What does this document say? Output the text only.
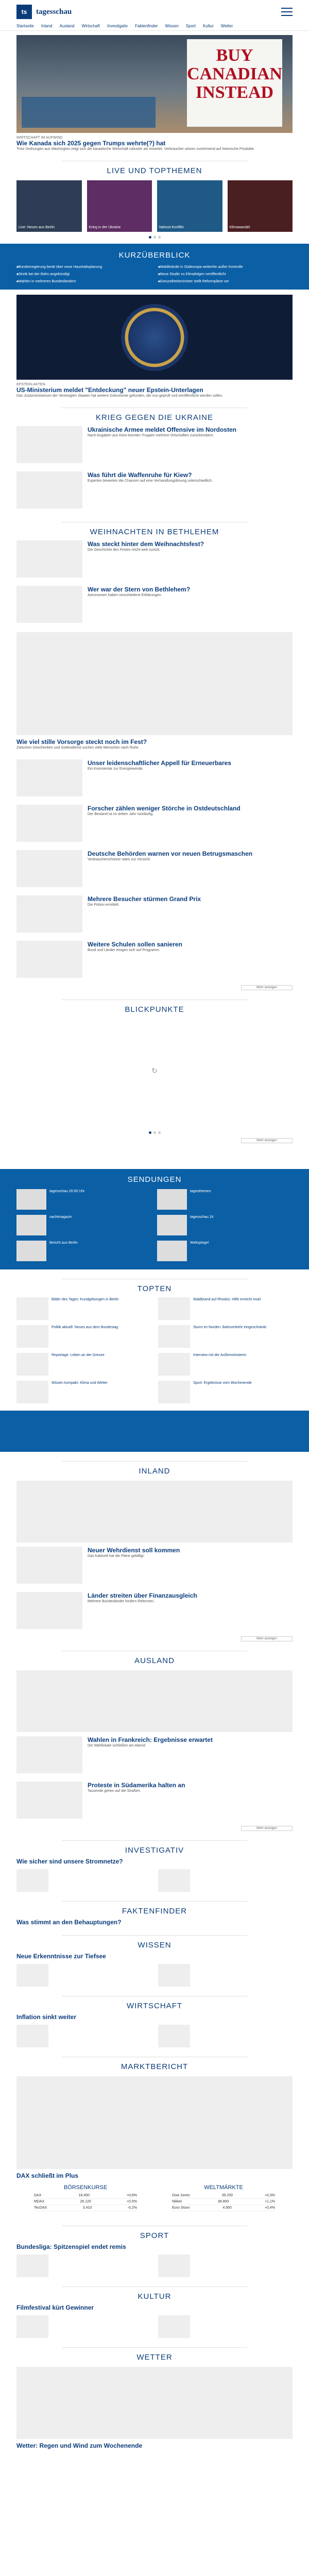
ts	tagesschau
Startseite Inland Ausland Wirtschaft Investigativ Faktenfinder Wissen Sport Kultur Wetter
BUY CANADIAN INSTEAD
WIRTSCHAFT IM AUFWIND
Wie Kanada sich 2025 gegen Trumps wehrte(?) hat
Trotz Drohungen aus Washington zeigt sich die kanadische Wirtschaft robuster als erwartet. Verbraucher setzen zunehmend auf heimische Produkte.
LIVE UND TOPTHEMEN
Live: Neues aus Berlin	Krieg in der Ukraine	Nahost-Konflikt	Klimawandel
KURZÜBERBLICK
■ Bundesregierung berät über neue Haushaltsplanung	■ Waldbrände in Südeuropa weiterhin außer Kontrolle
■ Streik bei der Bahn angekündigt	■ Neue Studie zu Klimafolgen veröffentlicht
■ Wahlen in mehreren Bundesländern	■ Gesundheitsminister stellt Reformpläne vor
EPSTEIN-AKTEN
US-Ministerium meldet "Entdeckung" neuer Epstein-Unterlagen
Das Justizministerium der Vereinigten Staaten hat weitere Dokumente gefunden, die nun geprüft und veröffentlicht werden sollen.
KRIEG GEGEN DIE UKRAINE
Ukrainische Armee meldet Offensive im Nordosten
Nach Angaben aus Kiew konnten Truppen mehrere Ortschaften zurückerobern.
Was führt die Waffenruhe für Kiew?
Experten bewerten die Chancen auf eine Verhandlungslösung unterschiedlich.
WEIHNACHTEN IN BETHLEHEM
Was steckt hinter dem Weihnachtsfest?
Die Geschichte des Festes reicht weit zurück.
Wer war der Stern von Bethlehem?
Astronomen haben verschiedene Erklärungen.
Wie viel stille Vorsorge steckt noch im Fest?
Zwischen Geschenken und Gottesdienst suchen viele Menschen nach Ruhe.
Unser leidenschaftlicher Appell für Erneuerbares
Ein Kommentar zur Energiewende.
Forscher zählen weniger Störche in Ostdeutschland
Der Bestand ist im dritten Jahr rückläufig.
Deutsche Behörden warnen vor neuen Betrugsmaschen
Verbraucherschützer raten zur Vorsicht.
Mehrere Besucher stürmen Grand Prix
Die Polizei ermittelt.
Weitere Schulen sollen sanieren
Bund und Länder einigen sich auf Programm.
Mehr anzeigen
BLICKPUNKTE
↻
Mehr anzeigen
SENDUNGEN
tagesschau 20:00 Uhr	tagesthemen
nachtmagazin	tagesschau 24
Bericht aus Berlin	Weltspiegel
TOPTEN
Bilder des Tages: Kundgebungen in Berlin	Waldbrand auf Rhodos: Hilfe erreicht Insel
Politik aktuell: Neues aus dem Bundestag	Sturm im Norden: Bahnverkehr eingeschränkt
Reportage: Leben an der Grenze	Interview mit der Außenministerin
Wissen kompakt: Klima und Wetter	Sport: Ergebnisse vom Wochenende
INLAND
Neuer Wehrdienst soll kommen
Das Kabinett hat die Pläne gebilligt.
Länder streiten über Finanzausgleich
Mehrere Bundesländer fordern Reformen.
Mehr anzeigen
AUSLAND
Wahlen in Frankreich: Ergebnisse erwartet
Die Wahllokale schließen am Abend.
Proteste in Südamerika halten an
Tausende gehen auf die Straßen.
Mehr anzeigen
INVESTIGATIV
Wie sicher sind unsere Stromnetze?
FAKTENFINDER
Was stimmt an den Behauptungen?
WISSEN
Neue Erkenntnisse zur Tiefsee
WIRTSCHAFT
Inflation sinkt weiter
MARKTBERICHT
DAX schließt im Plus
BÖRSENKURSE
DAX	18.450	+0,8%
MDAX	26.120	+0,5%
TecDAX	3.410	-0,2%
WELTMÄRKTE
Dow Jones	39.200	+0,3%
Nikkei	38.800	+1,1%
Euro Stoxx	4.950	+0,4%
SPORT
Bundesliga: Spitzenspiel endet remis
KULTUR
Filmfestival kürt Gewinner
WETTER
Wetter: Regen und Wind zum Wochenende
